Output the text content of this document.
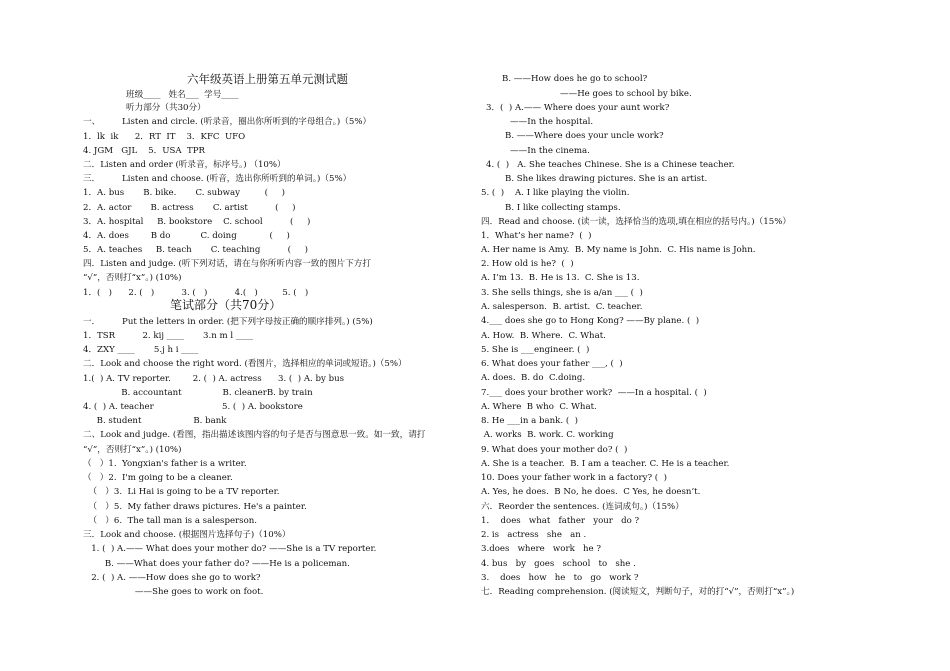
六年级英语上册第五单元测试题
班级____   姓名___  学号____
听力部分（共30分）
一、        Listen and circle. (听录音，圈出你所听到的字母组合。)（5%）
1．lk  ik      2．RT  IT    3．KFC  UFO
4. JGM   GJL    5．USA  TPR
二．Listen and order (听录音，标序号。) （10%）
三．        Listen and choose. (听音，选出你所听到的单词。)（5%）
1．A. bus       B. bike.       C. subway         (     )
2．A. actor       B. actress       C. artist          (     )
3．A. hospital     B. bookstore    C. school          (     )
4．A. does        B do           C. doing            (     )
5．A. teaches     B. teach       C. teaching          (     )
四．Listen and judge. (听下列对话，请在与你所听内容一致的图片下方打
“√”，否则打“x”。) (10%)
1．(   )      2. (   )          3. (   )          4.(   )         5. (   )
笔试部分（共70分）
一．        Put the letters in order. (把下列字母按正确的顺序排列。) (5%)
1．TSR          2. kij ____       3.n m l ____
4．ZXY ____       5.j h i ____
二．Look and choose the right word. (看图片，选择相应的单词或短语。)（5%）
1.(  ) A. TV reporter.        2. (  ) A. actress      3. (  ) A. by bus
B. accountant               B. cleanerB. by train
4. (  ) A. teacher                         5. (  ) A. bookstore
B. student                   B. bank
二、Look and judge. (看图，指出描述该图内容的句子是否与图意思一致。如一致，请打
“√”，否则打“x”。) (10%)
（   ）1.  Yongxian's father is a writer.
（   ）2.  I'm going to be a cleaner.
（   ）3.  Li Hai is going to be a TV reporter.
（   ）5.  My father draws pictures. He's a painter.
（   ）6.  The tall man is a salesperson.
三．Look and choose. (根据图片选择句子)（10%）
1. (  ) A.—— What does your mother do? ——She is a TV reporter.
B. ——What does your father do? ——He is a policeman.
2. (  ) A. ——How does she go to work?
——She goes to work on foot.
B. ——How does he go to school?
——He goes to school by bike.
3．(  ) A.—— Where does your aunt work?
——In the hospital.
B. ——Where does your uncle work?
——In the cinema.
4. (  )   A. She teaches Chinese. She is a Chinese teacher.
B. She likes drawing pictures. She is an artist.
5. (  )    A. I like playing the violin.
B. I like collecting stamps.
四．Read and choose. (读一读，选择恰当的选项,填在相应的括号内。)（15%）
1．What’s her name?  (  )
A. Her name is Amy.  B. My name is John.  C. His name is John.
2. How old is he?  (  )
A. I’m 13.  B. He is 13.  C. She is 13.
3. She sells things, she is a/an ___ (  )
A. salesperson.  B. artist.  C. teacher.
4.___ does she go to Hong Kong? ——By plane. (  )
A. How.  B. Where.  C. What.
5. She is ___engineer. (  )
6. What does your father ___, (  )
A. does.  B. do  C.doing.
7.___ does your brother work?  ——In a hospital. (  )
A. Where  B who  C. What.
8. He ___in a bank. (  )
A. works  B. work. C. working
9. What does your mother do? (  )
A. She is a teacher.  B. I am a teacher. C. He is a teacher.
10. Does your father work in a factory? (  )
A. Yes, he does.  B No, he does.  C Yes, he doesn’t.
六．Reorder the sentences. (连词成句。)（15%）
1．  does   what   father   your   do ?
2. is   actress   she   an .
3.does   where   work   he ?
4. bus   by   goes   school   to   she .
3.    does   how   he   to   go   work ?
七．Reading comprehension. (阅读短文，判断句子，对的打“√”，否则打“x”。)
